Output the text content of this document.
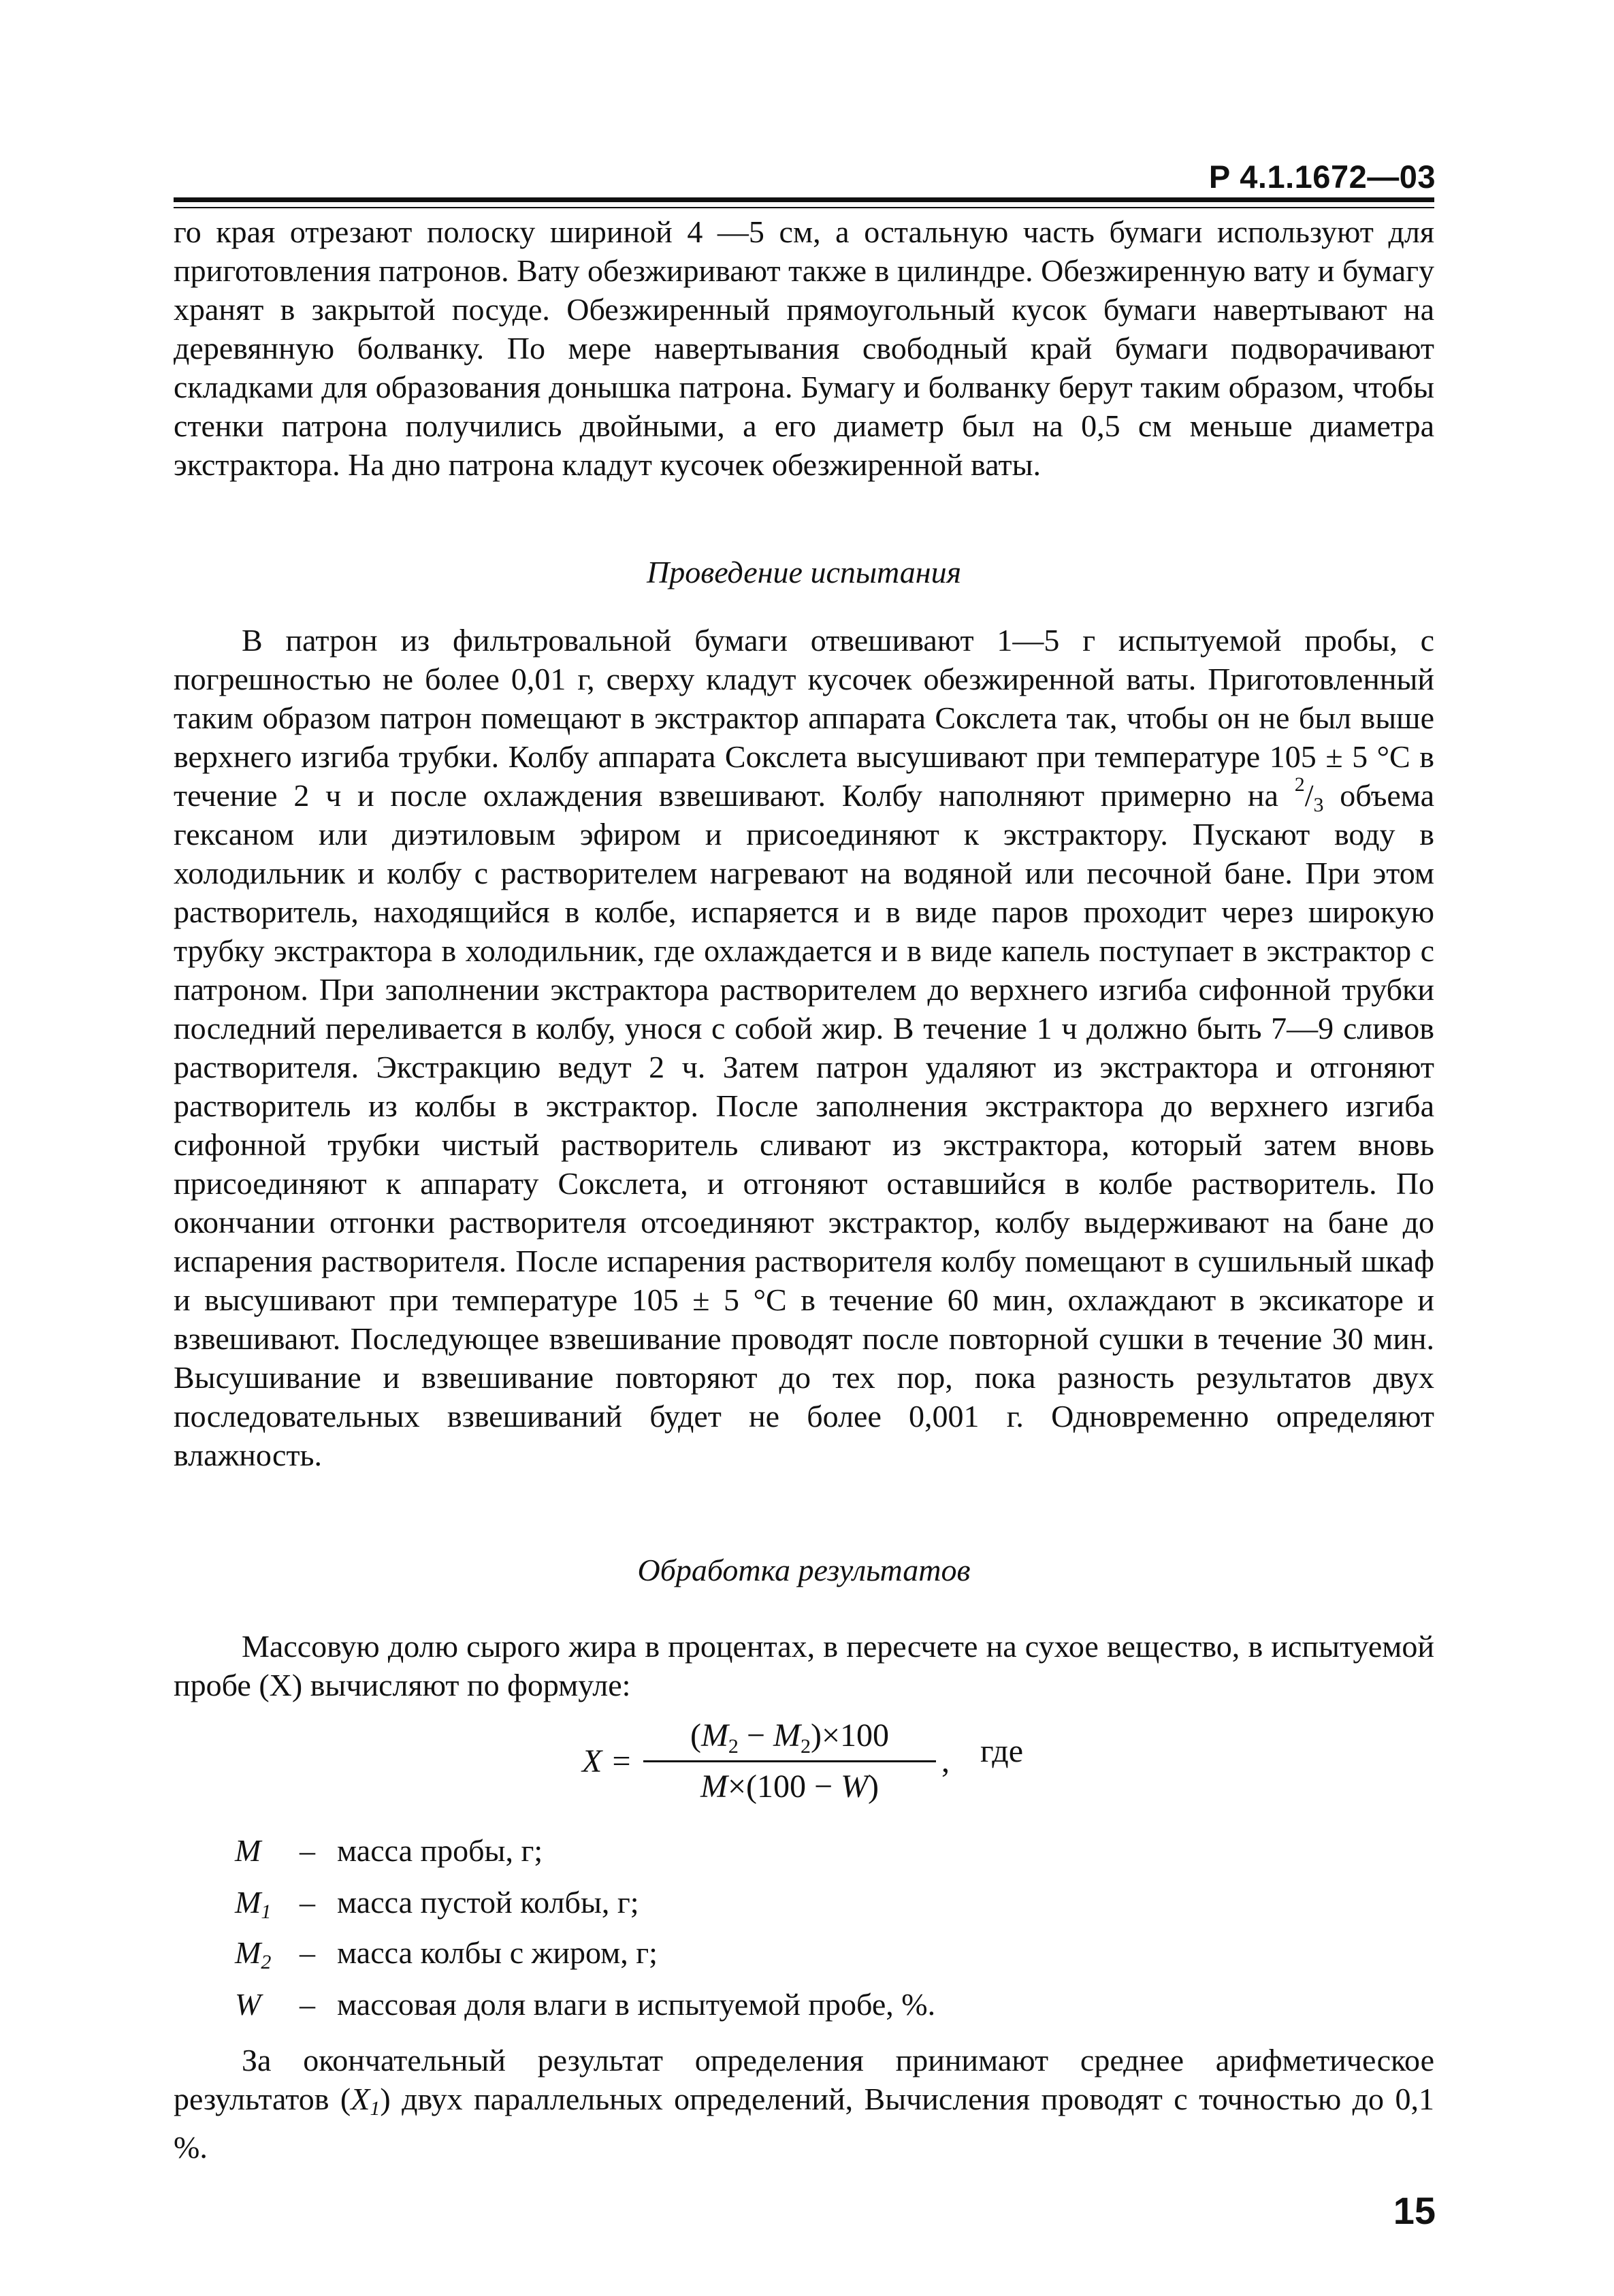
Р 4.1.1672—03

го края отрезают полоску шириной 4 —5 см, а остальную часть бумаги используют для приготовления патронов. Вату обезжиривают также в цилиндре. Обезжиренную вату и бумагу хранят в закрытой посуде. Обезжиренный прямоугольный кусок бумаги навертывают на деревянную болванку. По мере навертывания свободный край бумаги подворачивают складками для образования донышка патрона. Бумагу и болванку берут таким образом, чтобы стенки патрона получились двойными, а его диаметр был на 0,5 см меньше диаметра экстрактора. На дно патрона кладут кусочек обезжиренной ваты.

Проведение испытания

В патрон из фильтровальной бумаги отвешивают 1—5 г испытуемой пробы, с погрешностью не более 0,01 г, сверху кладут кусочек обезжиренной ваты. Приготовленный таким образом патрон помещают в экстрактор аппарата Сокслета так, чтобы он не был выше верхнего изгиба трубки. Колбу аппарата Сокслета высушивают при температуре 105 ± 5 °С в течение 2 ч и после охлаждения взвешивают. Колбу наполняют примерно на $^2/_3$ объема гексаном или диэтиловым эфиром и присоединяют к экстрактору. Пускают воду в холодильник и колбу с растворителем нагревают на водяной или песочной бане. При этом растворитель, находящийся в колбе, испаряется и в виде паров проходит через широкую трубку экстрактора в холодильник, где охлаждается и в виде капель поступает в экстрактор с патроном. При заполнении экстрактора растворителем до верхнего изгиба сифонной трубки последний переливается в колбу, унося с собой жир. В течение 1 ч должно быть 7—9 сливов растворителя. Экстракцию ведут 2 ч. Затем патрон удаляют из экстрактора и отгоняют растворитель из колбы в экстрактор. После заполнения экстрактора до верхнего изгиба сифонной трубки чистый растворитель сливают из экстрактора, который затем вновь присоединяют к аппарату Сокслета, и отгоняют оставшийся в колбе растворитель. По окончании отгонки растворителя отсоединяют экстрактор, колбу выдерживают на бане до испарения растворителя. После испарения растворителя колбу помещают в сушильный шкаф и высушивают при температуре 105 ± 5 °С в течение 60 мин, охлаждают в эксикаторе и взвешивают. Последующее взвешивание проводят после повторной сушки в течение 30 мин. Высушивание и взвешивание повторяют до тех пор, пока разность результатов двух последовательных взвешиваний будет не более 0,001 г. Одновременно определяют влажность.

Обработка результатов

Массовую долю сырого жира в процентах, в пересчете на сухое вещество, в испытуемой пробе (X) вычисляют по формуле:

X =
$(M_2 - M_2)\times 100$
M×(100 − W)
, где
M – масса пробы, г;
M1 – масса пустой колбы, г;
M2 – масса колбы с жиром, г;
W – массовая доля влаги в испытуемой пробе, %.

За окончательный результат определения принимают среднее арифметическое результатов (X1) двух параллельных определений, Вычисления проводят с точностью до 0,1 %.

15
